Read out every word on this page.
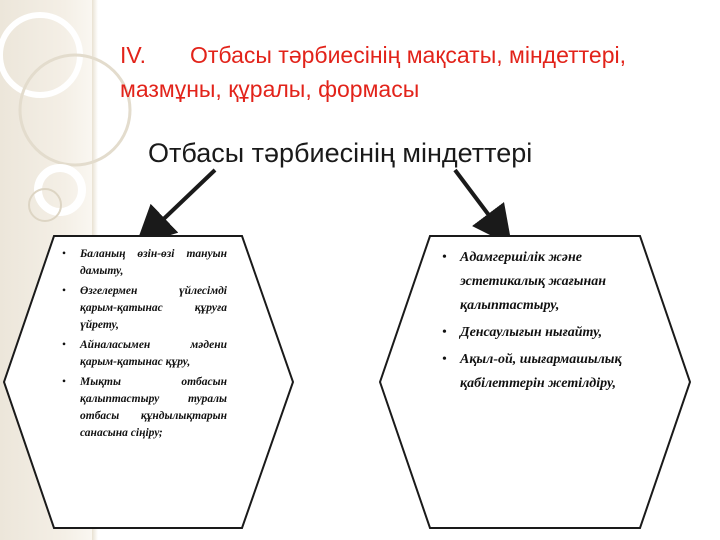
IV. Отбасы тәрбиесінің мақсаты, міндеттері,
мазмұны, құралы, формасы
Отбасы тәрбиесінің міндеттері
• Баланың өзін-өзі тануын дамыту,
• Өзгелермен үйлесімді қарым-қатынас құруға үйрету,
• Айналасымен мәдени қарым-қатынас құру,
• Мықты отбасын қалыптастыру туралы отбасы құндылықтарын санасына сіңіру;
• Адамгершілік және эстетикалық жағынан қалыптастыру,
• Денсаулығын нығайту,
• Ақыл-ой, шығармашылық қабілеттерін жетілдіру,
